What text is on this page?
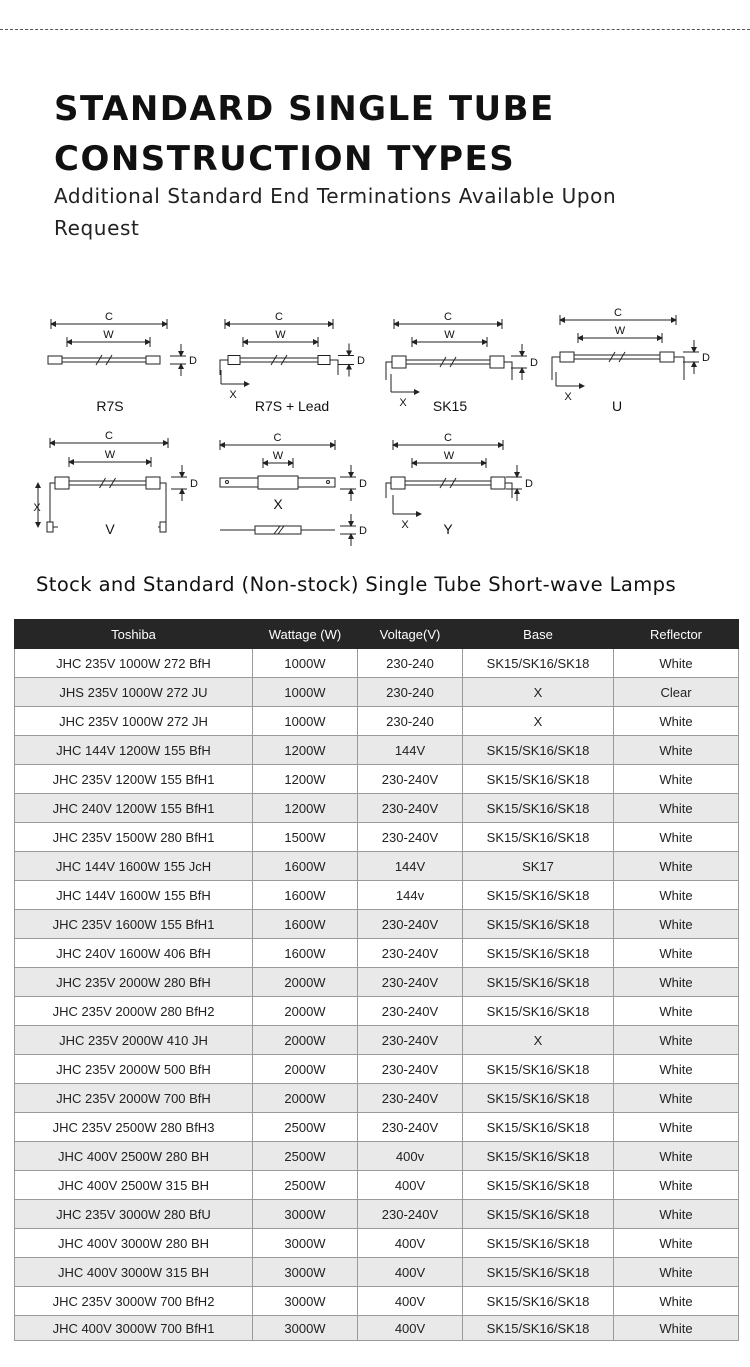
STANDARD SINGLE TUBE
CONSTRUCTION TYPES

Additional Standard End Terminations Available Upon Request

C
W
D
R7S
C
W
X
D
R7S + Lead
C
W
X
D
SK15
C
W
X
D
U
C
W
X
D
V
C
W
D
X
D
C
W
X
D
Y
Stock and Standard (Non-stock) Single Tube Short-wave Lamps
Toshiba	Wattage (W)	Voltage(V)	Base	Reflector
JHC 235V 1000W 272 BfH	1000W	230-240	SK15/SK16/SK18	White
JHS 235V 1000W 272 JU	1000W	230-240	X	Clear
JHC 235V 1000W 272 JH	1000W	230-240	X	White
JHC 144V 1200W 155 BfH	1200W	144V	SK15/SK16/SK18	White
JHC 235V 1200W 155 BfH1	1200W	230-240V	SK15/SK16/SK18	White
JHC 240V 1200W 155 BfH1	1200W	230-240V	SK15/SK16/SK18	White
JHC 235V 1500W 280 BfH1	1500W	230-240V	SK15/SK16/SK18	White
JHC 144V 1600W 155 JcH	1600W	144V	SK17	White
JHC 144V 1600W 155 BfH	1600W	144v	SK15/SK16/SK18	White
JHC 235V 1600W 155 BfH1	1600W	230-240V	SK15/SK16/SK18	White
JHC 240V 1600W 406 BfH	1600W	230-240V	SK15/SK16/SK18	White
JHC 235V 2000W 280 BfH	2000W	230-240V	SK15/SK16/SK18	White
JHC 235V 2000W 280 BfH2	2000W	230-240V	SK15/SK16/SK18	White
JHC 235V 2000W 410 JH	2000W	230-240V	X	White
JHC 235V 2000W 500 BfH	2000W	230-240V	SK15/SK16/SK18	White
JHC 235V 2000W 700 BfH	2000W	230-240V	SK15/SK16/SK18	White
JHC 235V 2500W 280 BfH3	2500W	230-240V	SK15/SK16/SK18	White
JHC 400V 2500W 280 BH	2500W	400v	SK15/SK16/SK18	White
JHC 400V 2500W 315 BH	2500W	400V	SK15/SK16/SK18	White
JHC 235V 3000W 280 BfU	3000W	230-240V	SK15/SK16/SK18	White
JHC 400V 3000W 280 BH	3000W	400V	SK15/SK16/SK18	White
JHC 400V 3000W 315 BH	3000W	400V	SK15/SK16/SK18	White
JHC 235V 3000W 700 BfH2	3000W	400V	SK15/SK16/SK18	White
JHC 400V 3000W 700 BfH1	3000W	400V	SK15/SK16/SK18	White
